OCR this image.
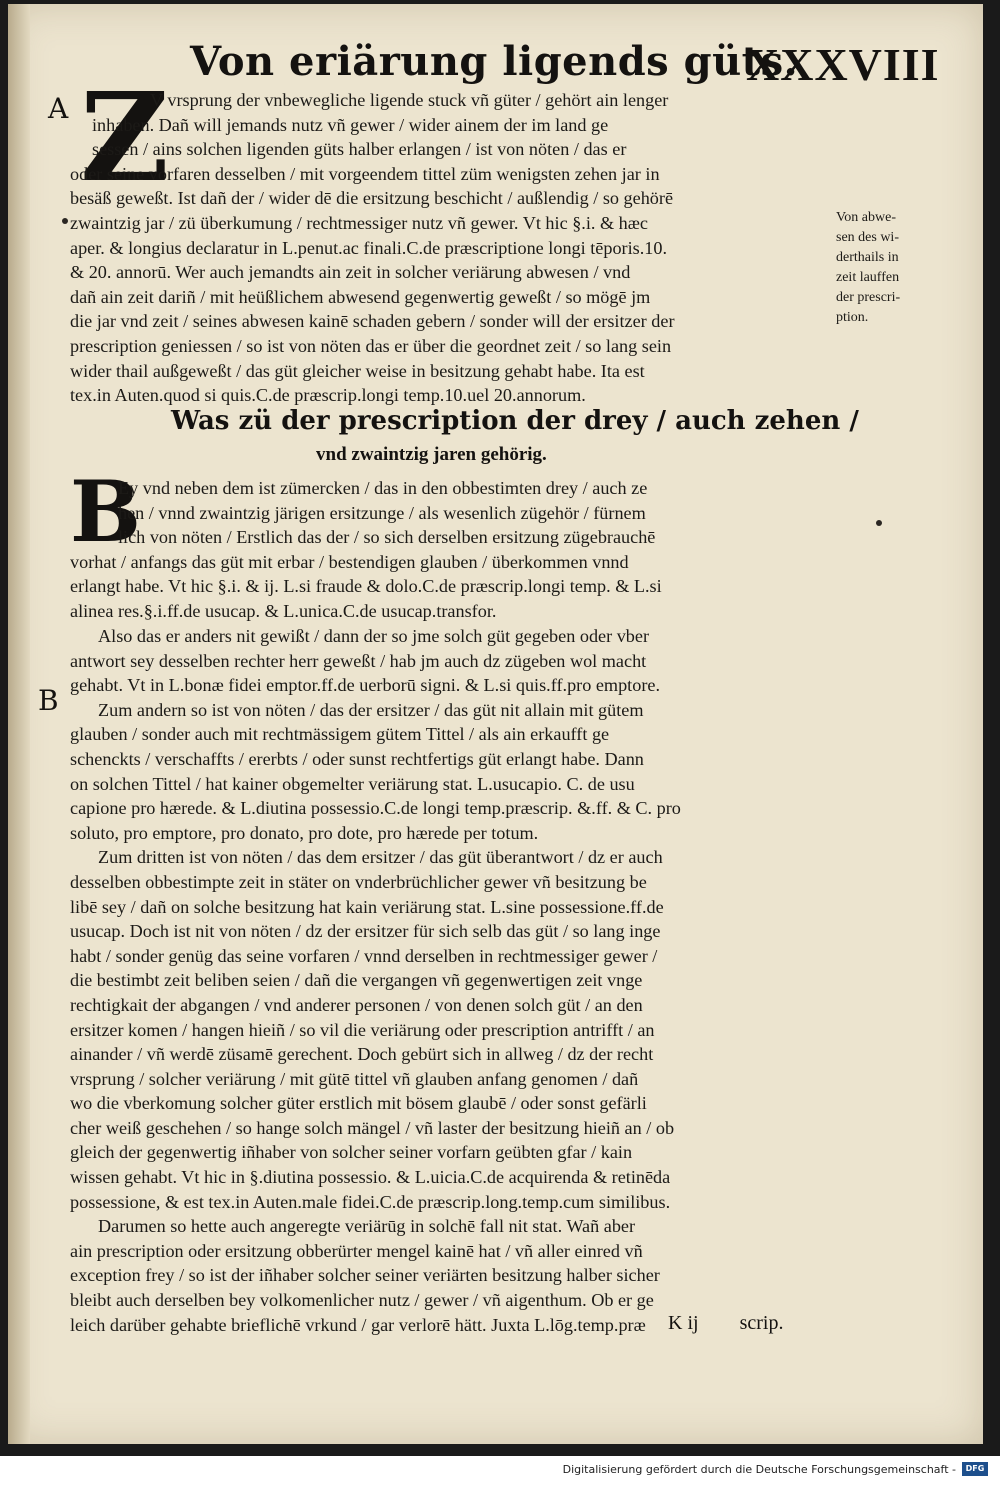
Von eriärung ligends güts.
XXXVIII
A Z
V vrsprung der vnbewegliche ligende stuck vñ güter / gehört ain lenger
inhaben. Dañ will jemands nutz vñ gewer / wider ainem der im land ge
sessen / ains solchen ligenden güts halber erlangen / ist von nöten / das er
oder seine vorfaren desselben / mit vorgeendem tittel züm wenigsten zehen jar in
besäß geweßt. Ist dañ der / wider dē die ersitzung beschicht / außlendig / so gehörē
zwaintzig jar / zü überkumung / rechtmessiger nutz vñ gewer. Vt hic §.i. & hæc
aper. & longius declaratur in L.penut.ac finali.C.de præscriptione longi tēporis.10.
& 20. annorū. Wer auch jemandts ain zeit in solcher veriärung abwesen / vnd
dañ ain zeit dariñ / mit heüßlichem abwesend gegenwertig geweßt / so mögē jm
die jar vnd zeit / seines abwesen kainē schaden gebern / sonder will der ersitzer der
prescription geniessen / so ist von nöten das er über die geordnet zeit / so lang sein
wider thail außgeweßt / das güt gleicher weise in besitzung gehabt habe. Ita est
tex.in Auten.quod si quis.C.de præscrip.longi temp.10.uel 20.annorum.
Von abwe-
sen des wi-
derthails in
zeit lauffen
der prescri-
ption.
Was zü der prescription der drey / auch zehen /
vnd zwaintzig jaren gehörig.
B
Ey vnd neben dem ist zümercken / das in den obbestimten drey / auch ze
hen / vnnd zwaintzig järigen ersitzunge / als wesenlich zügehör / fürnem
lich von nöten / Erstlich das der / so sich derselben ersitzung zügebrauchē
vorhat / anfangs das güt mit erbar / bestendigen glauben / überkommen vnnd
erlangt habe. Vt hic §.i. & ij. L.si fraude & dolo.C.de præscrip.longi temp. & L.si
alinea res.§.i.ff.de usucap. & L.unica.C.de usucap.transfor.
B
Also das er anders nit gewißt / dann der so jme solch güt gegeben oder vber
antwort sey desselben rechter herr geweßt / hab jm auch dz zügeben wol macht
gehabt. Vt in L.bonæ fidei emptor.ff.de uerborū signi. & L.si quis.ff.pro emptore.
Zum andern so ist von nöten / das der ersitzer / das güt nit allain mit gütem
glauben / sonder auch mit rechtmässigem gütem Tittel / als ain erkaufft ge
schenckts / verschaffts / ererbts / oder sunst rechtfertigs güt erlangt habe. Dann
on solchen Tittel / hat kainer obgemelter veriärung stat. L.usucapio. C. de usu
capione pro hærede. & L.diutina possessio.C.de longi temp.præscrip. &.ff. & C. pro
soluto, pro emptore, pro donato, pro dote, pro hærede per totum.
Zum dritten ist von nöten / das dem ersitzer / das güt überantwort / dz er auch
desselben obbestimpte zeit in stäter on vnderbrüchlicher gewer vñ besitzung be
libē sey / dañ on solche besitzung hat kain veriärung stat. L.sine possessione.ff.de
usucap. Doch ist nit von nöten / dz der ersitzer für sich selb das güt / so lang inge
habt / sonder genüg das seine vorfaren / vnnd derselben in rechtmessiger gewer /
die bestimbt zeit beliben seien / dañ die vergangen vñ gegenwertigen zeit vnge
rechtigkait der abgangen / vnd anderer personen / von denen solch güt / an den
ersitzer komen / hangen hieiñ / so vil die veriärung oder prescription antrifft / an
ainander / vñ werdē züsamē gerechent. Doch gebürt sich in allweg / dz der recht
vrsprung / solcher veriärung / mit gütē tittel vñ glauben anfang genomen / dañ
wo die vberkomung solcher güter erstlich mit bösem glaubē / oder sonst gefärli
cher weiß geschehen / so hange solch mängel / vñ laster der besitzung hieiñ an / ob
gleich der gegenwertig iñhaber von solcher seiner vorfarn geübten gfar / kain
wissen gehabt. Vt hic in §.diutina possessio. & L.uicia.C.de acquirenda & retinēda
possessione, & est tex.in Auten.male fidei.C.de præscrip.long.temp.cum similibus.
Darumen so hette auch angeregte veriärūg in solchē fall nit stat. Wañ aber
ain prescription oder ersitzung obberürter mengel kainē hat / vñ aller einred vñ
exception frey / so ist der iñhaber solcher seiner veriärten besitzung halber sicher
bleibt auch derselben bey volkomenlicher nutz / gewer / vñ aigenthum. Ob er ge
leich darüber gehabte brieflichē vrkund / gar verlorē hätt. Juxta L.lōg.temp.præ	K ij scrip.
Digitalisierung gefördert durch die Deutsche Forschungsgemeinschaft -	DFG
